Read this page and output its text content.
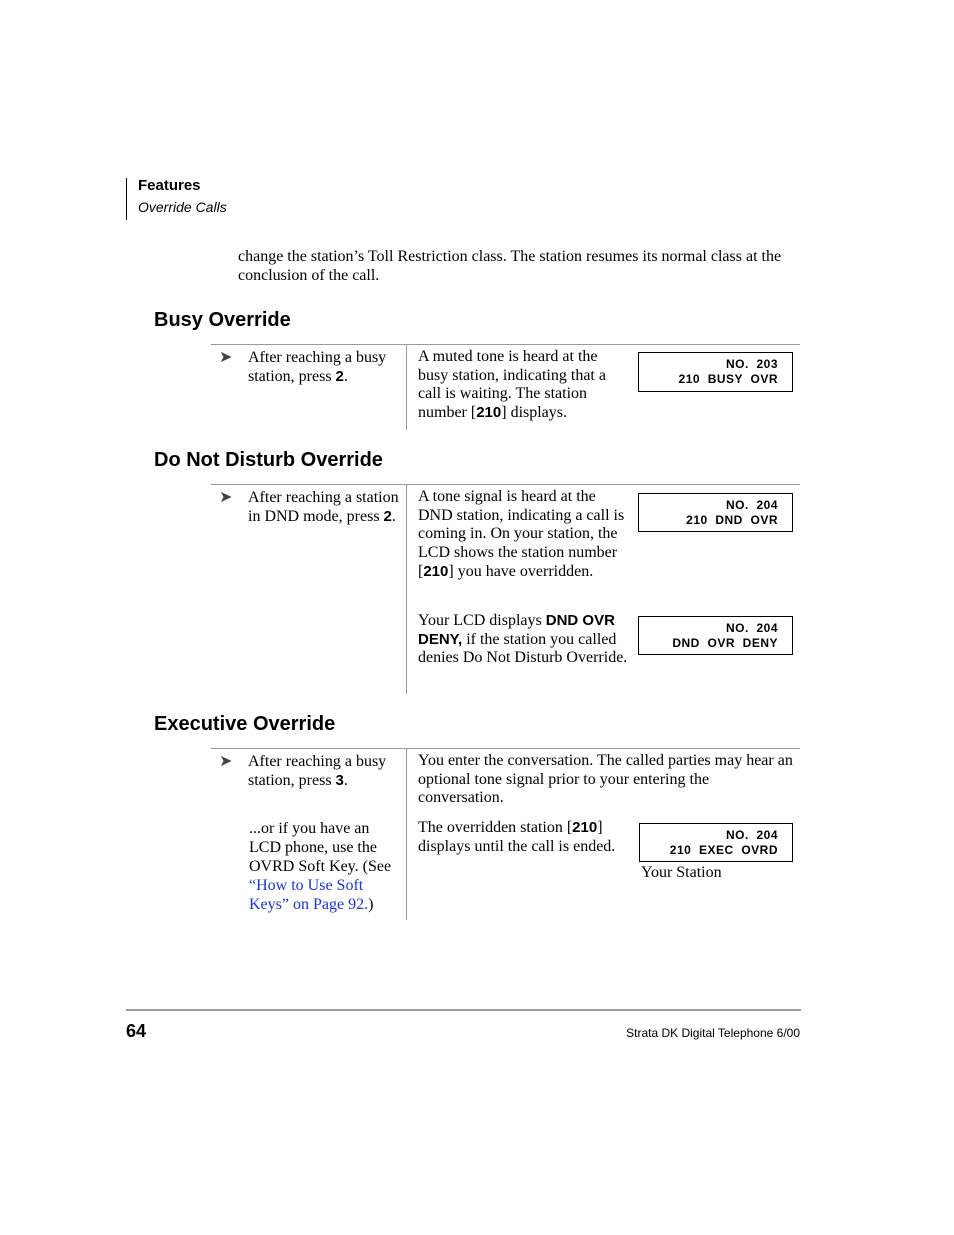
Features
Override Calls
change the station’s Toll Restriction class. The station resumes its normal class at the conclusion of the call.
Busy Override
➤ After reaching a busy station, press 2.
A muted tone is heard at the busy station, indicating that a call is waiting. The station number [210] displays.
NO.  203
210  BUSY  OVR
Do Not Disturb Override
➤ After reaching a station in DND mode, press 2.
A tone signal is heard at the DND station, indicating a call is coming in. On your station, the LCD shows the station number [210] you have overridden.
NO.  204
210  DND  OVR
Your LCD displays DND OVR DENY, if the station you called denies Do Not Disturb Override.
NO.  204
DND  OVR  DENY
Executive Override
➤ After reaching a busy station, press 3.
You enter the conversation. The called parties may hear an optional tone signal prior to your entering the conversation.
...or if you have an LCD phone, use the OVRD Soft Key. (See “How to Use Soft Keys” on Page 92.)
The overridden station [210] displays until the call is ended.
NO.  204
210  EXEC  OVRD
Your Station
64	Strata DK Digital Telephone 6/00
